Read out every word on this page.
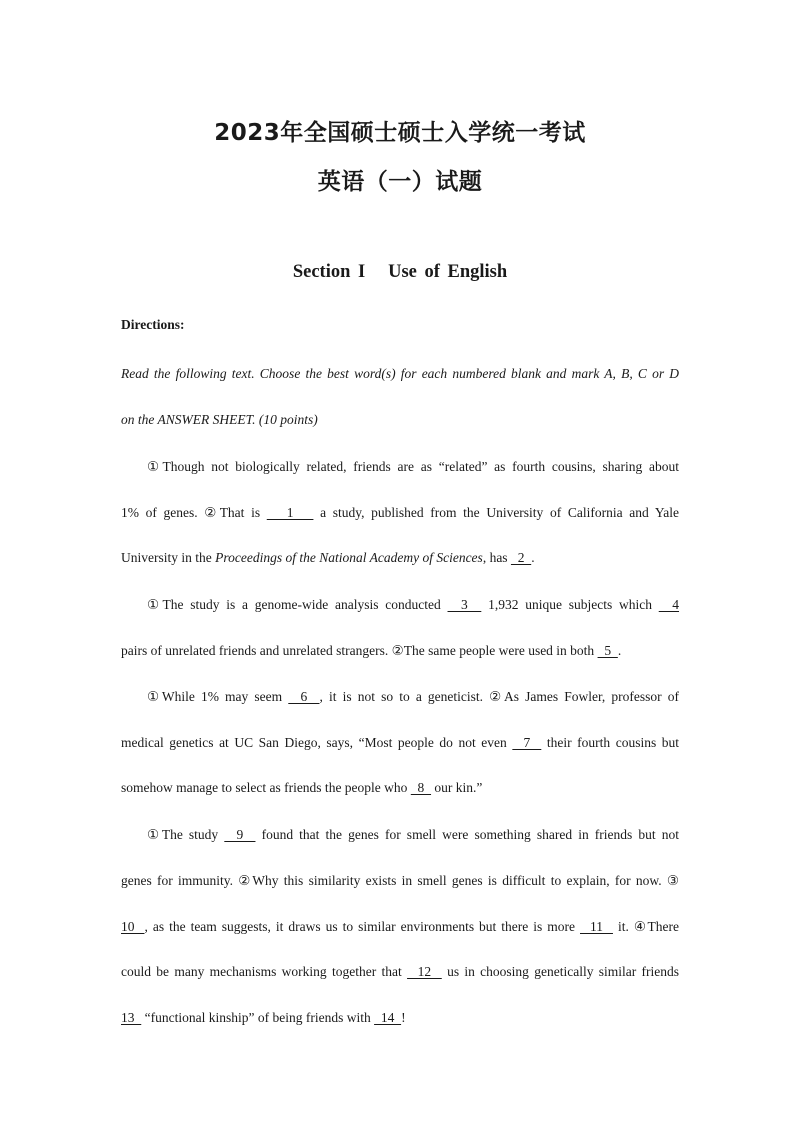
2023年全国硕士硕士入学统一考试
英语（一）试题
Section I   Use of English
Directions:
Read the following text. Choose the best word(s) for each numbered blank and mark A, B, C or D
on the ANSWER SHEET. (10 points)
①Though not biologically related, friends are as “related” as fourth cousins, sharing about
1% of genes. ②That is    1    a study, published from the University of California and Yale
University in the Proceedings of the National Academy of Sciences, has   2  .
①The study is a genome-wide analysis conducted   3   1,932 unique subjects which   4
pairs of unrelated friends and unrelated strangers. ②The same people were used in both   5  .
①While 1% may seem   6  , it is not so to a geneticist. ②As James Fowler, professor of
medical genetics at UC San Diego, says, “Most people do not even   7   their fourth cousins but
somehow manage to select as friends the people who   8   our kin.”
①The study   9   found that the genes for smell were something shared in friends but not
genes for immunity. ②Why this similarity exists in smell genes is difficult to explain, for now. ③
10  , as the team suggests, it draws us to similar environments but there is more   11   it. ④There
could be many mechanisms working together that   12   us in choosing genetically similar friends
13   “functional kinship” of being friends with   14  !
